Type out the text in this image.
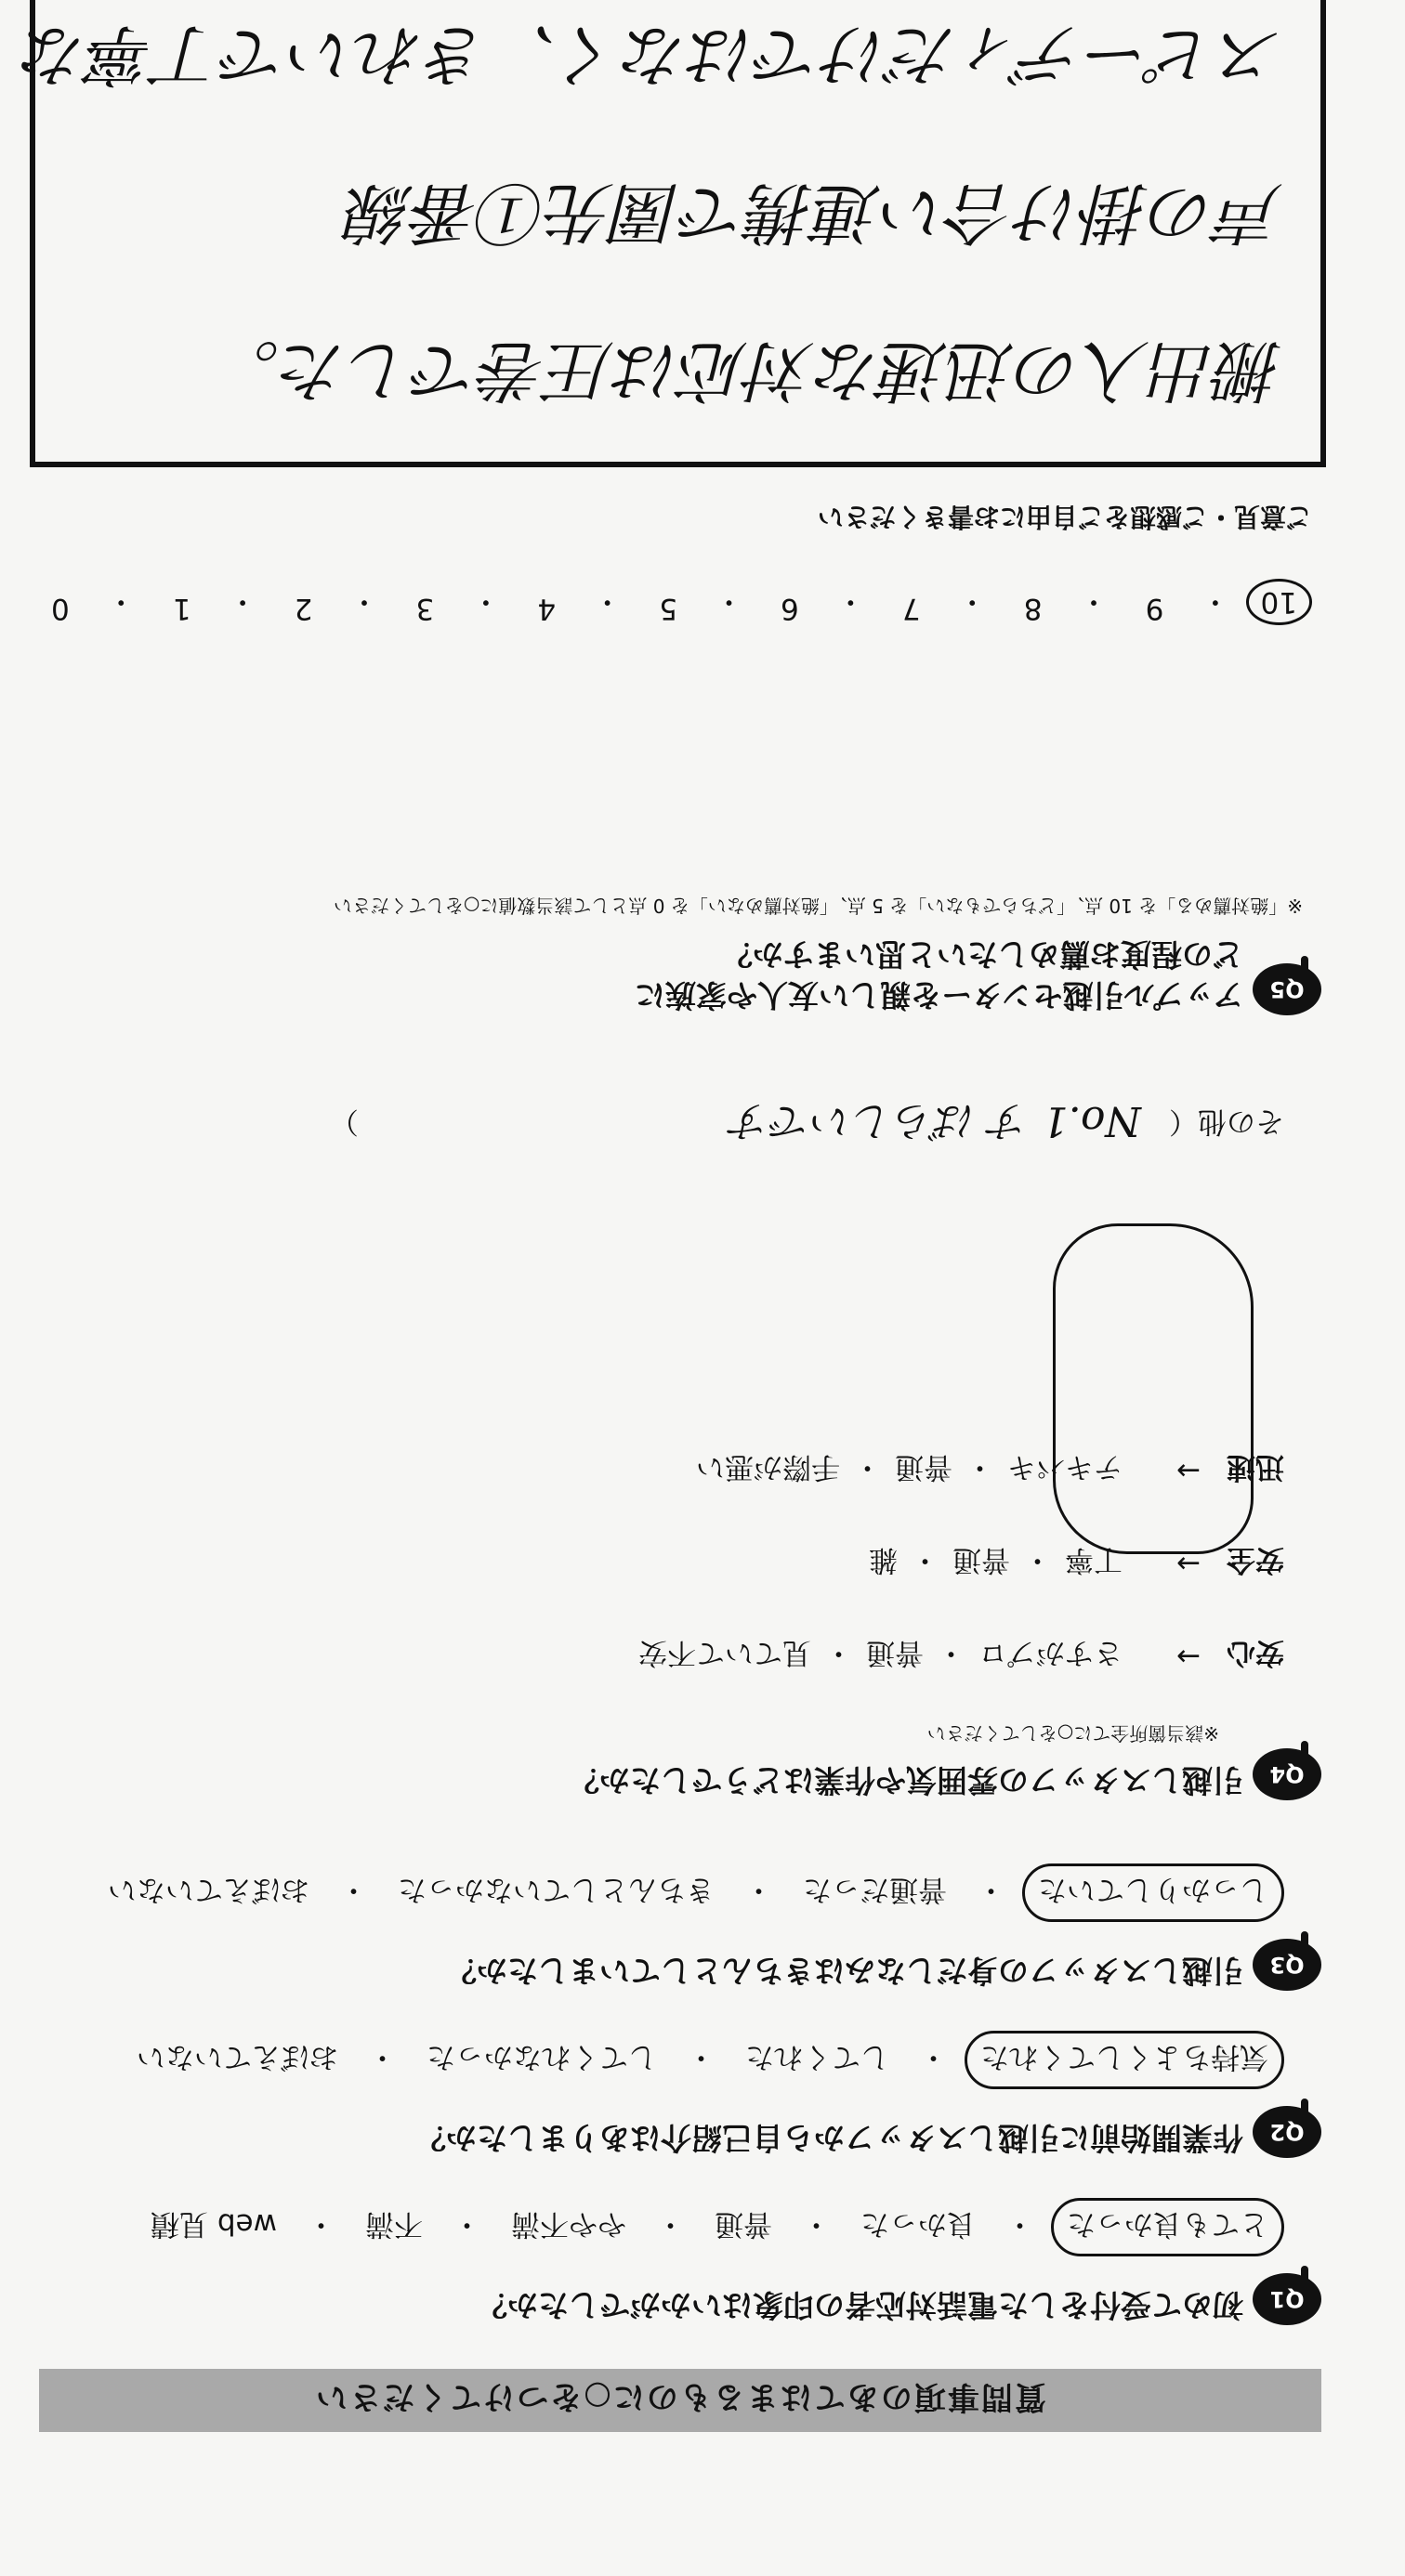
質問事項のあてはまるものに○をつけてください
Q1
初めて受付をした電話対応者の印象はいかがでしたか？
とても良かった
・
良かった
・
普通
・
やや不満
・
不満
・
web 見積
Q2
作業開始前に引越しスタッフから自己紹介はありましたか？
気持ちよくしてくれた
・
してくれた
・
してくれなかった
・
おぼえていない
Q3
引越しスタッフの身だしなみはきちんとしていましたか？
しっかりしていた
・
普通だった
・
きちんとしていなかった
・
おぼえていない
Q4
引越しスタッフの雰囲気や作業はどうでしたか？
※該当箇所全てに○をしてください
安心
→
さすがプロ
・
普通
・
見ていて不安
安全
→
丁寧
・
普通
・
雑
迅速
→
テキパキ
・
普通
・
手際が悪い
その他（
No.1 す ばらしいです
）
Q5
アップル引越センターを親しい友人や家族に
どの程度お薦めしたいと思いますか？
※「絶対薦める」を 10 点、「どちらでもない」を 5 点、「絶対薦めない」を 0 点として該当数値に○をしてください
10
・
9
・
8
・
7
・
6
・
5
・
4
・
3
・
2
・
1
・
0
ご意見・ご感想をご自由にお書きください
搬出入の迅速な対応は圧巻でした。
声の掛け合い連携で園先①番線
スピーディだけではなく、きれいで丁寧な
